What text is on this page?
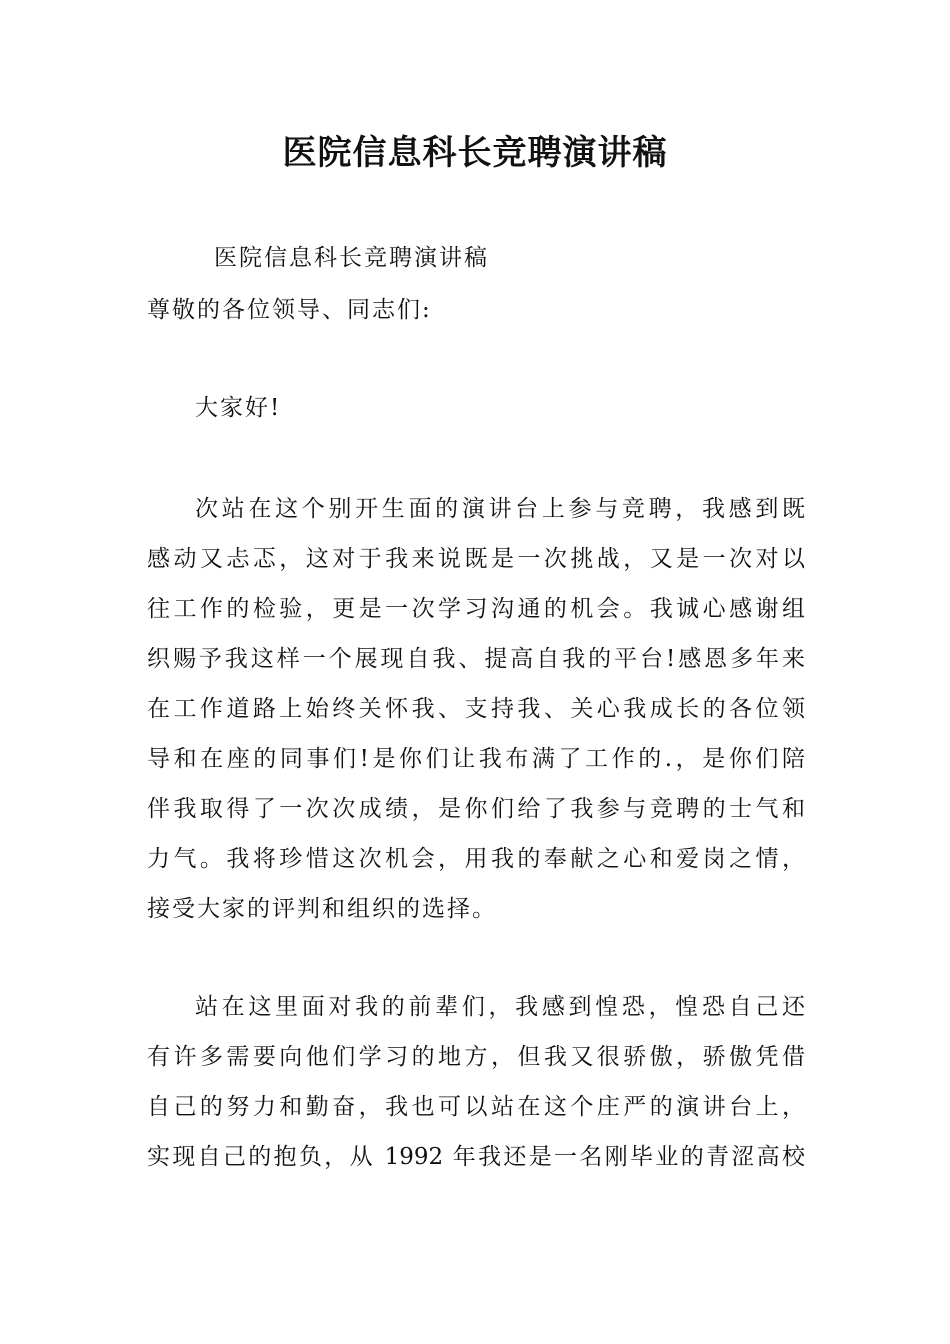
医院信息科长竞聘演讲稿
医院信息科长竞聘演讲稿
尊敬的各位领导、同志们:
大家好!
次站在这个别开生面的演讲台上参与竞聘，我感到既
感动又忐忑，这对于我来说既是一次挑战，又是一次对以
往工作的检验，更是一次学习沟通的机会。我诚心感谢组
织赐予我这样一个展现自我、提高自我的平台!感恩多年来
在工作道路上始终关怀我、支持我、关心我成长的各位领
导和在座的同事们!是你们让我布满了工作的.，是你们陪
伴我取得了一次次成绩，是你们给了我参与竞聘的士气和
力气。我将珍惜这次机会，用我的奉献之心和爱岗之情，
接受大家的评判和组织的选择。
站在这里面对我的前辈们，我感到惶恐，惶恐自己还
有许多需要向他们学习的地方，但我又很骄傲，骄傲凭借
自己的努力和勤奋，我也可以站在这个庄严的演讲台上，
实现自己的抱负，从 1992 年我还是一名刚毕业的青涩高校
